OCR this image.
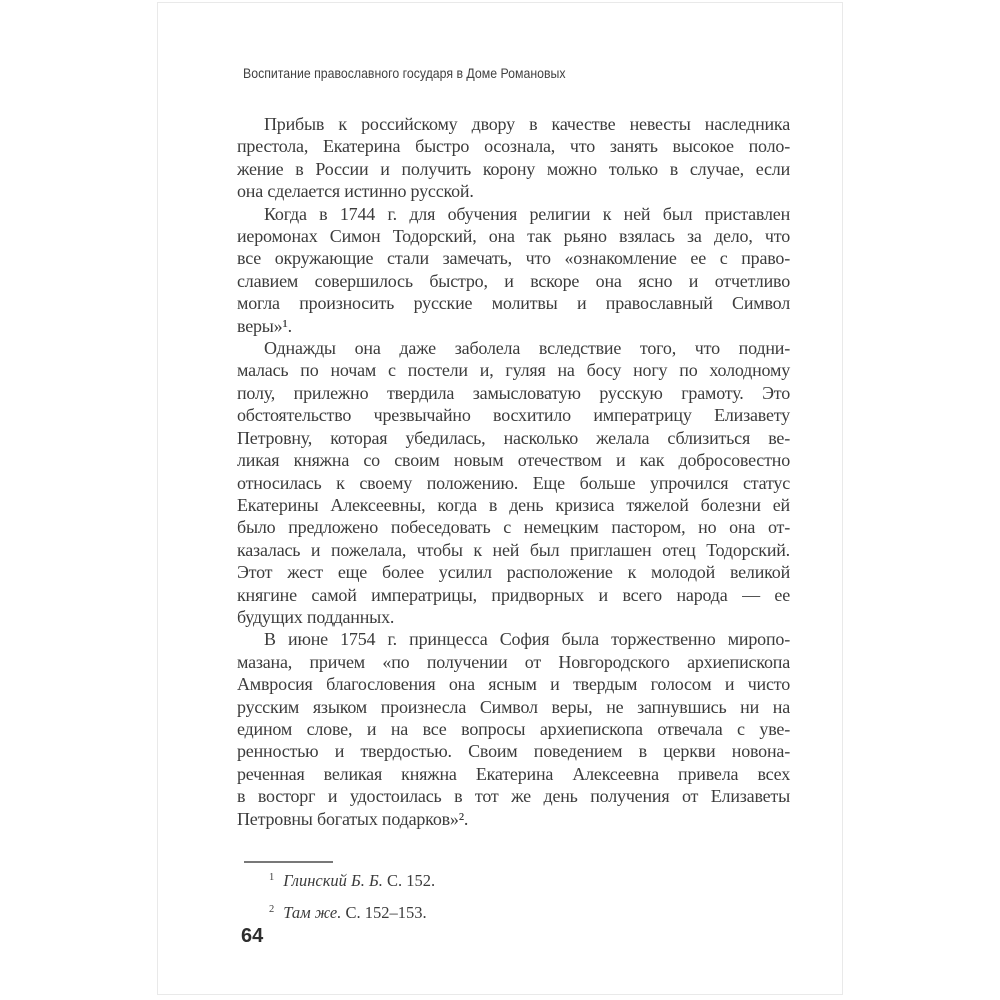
Воспитание православного государя в Доме Романовых
Прибыв к российскому двору в качестве невесты наследника
престола, Екатерина быстро осознала, что занять высокое поло-
жение в России и получить корону можно только в случае, если
она сделается истинно русской.
Когда в 1744 г. для обучения религии к ней был приставлен
иеромонах Симон Тодорский, она так рьяно взялась за дело, что
все окружающие стали замечать, что «ознакомление ее с право-
славием совершилось быстро, и вскоре она ясно и отчетливо
могла произносить русские молитвы и православный Символ
веры»¹.
Однажды она даже заболела вследствие того, что подни-
малась по ночам с постели и, гуляя на босу ногу по холодному
полу, прилежно твердила замысловатую русскую грамоту. Это
обстоятельство чрезвычайно восхитило императрицу Елизавету
Петровну, которая убедилась, насколько желала сблизиться ве-
ликая княжна со своим новым отечеством и как добросовестно
относилась к своему положению. Еще больше упрочился статус
Екатерины Алексеевны, когда в день кризиса тяжелой болезни ей
было предложено побеседовать с немецким пастором, но она от-
казалась и пожелала, чтобы к ней был приглашен отец Тодорский.
Этот жест еще более усилил расположение к молодой великой
княгине самой императрицы, придворных и всего народа — ее
будущих подданных.
В июне 1754 г. принцесса София была торжественно миропо-
мазана, причем «по получении от Новгородского архиепископа
Амвросия благословения она ясным и твердым голосом и чисто
русским языком произнесла Символ веры, не запнувшись ни на
едином слове, и на все вопросы архиепископа отвечала с уве-
ренностью и твердостью. Своим поведением в церкви новона-
реченная великая княжна Екатерина Алексеевна привела всех
в восторг и удостоилась в тот же день получения от Елизаветы
Петровны богатых подарков»².
$^1$ Глинский Б. Б. С. 152.
$^2$ Там же. С. 152–153.
64
